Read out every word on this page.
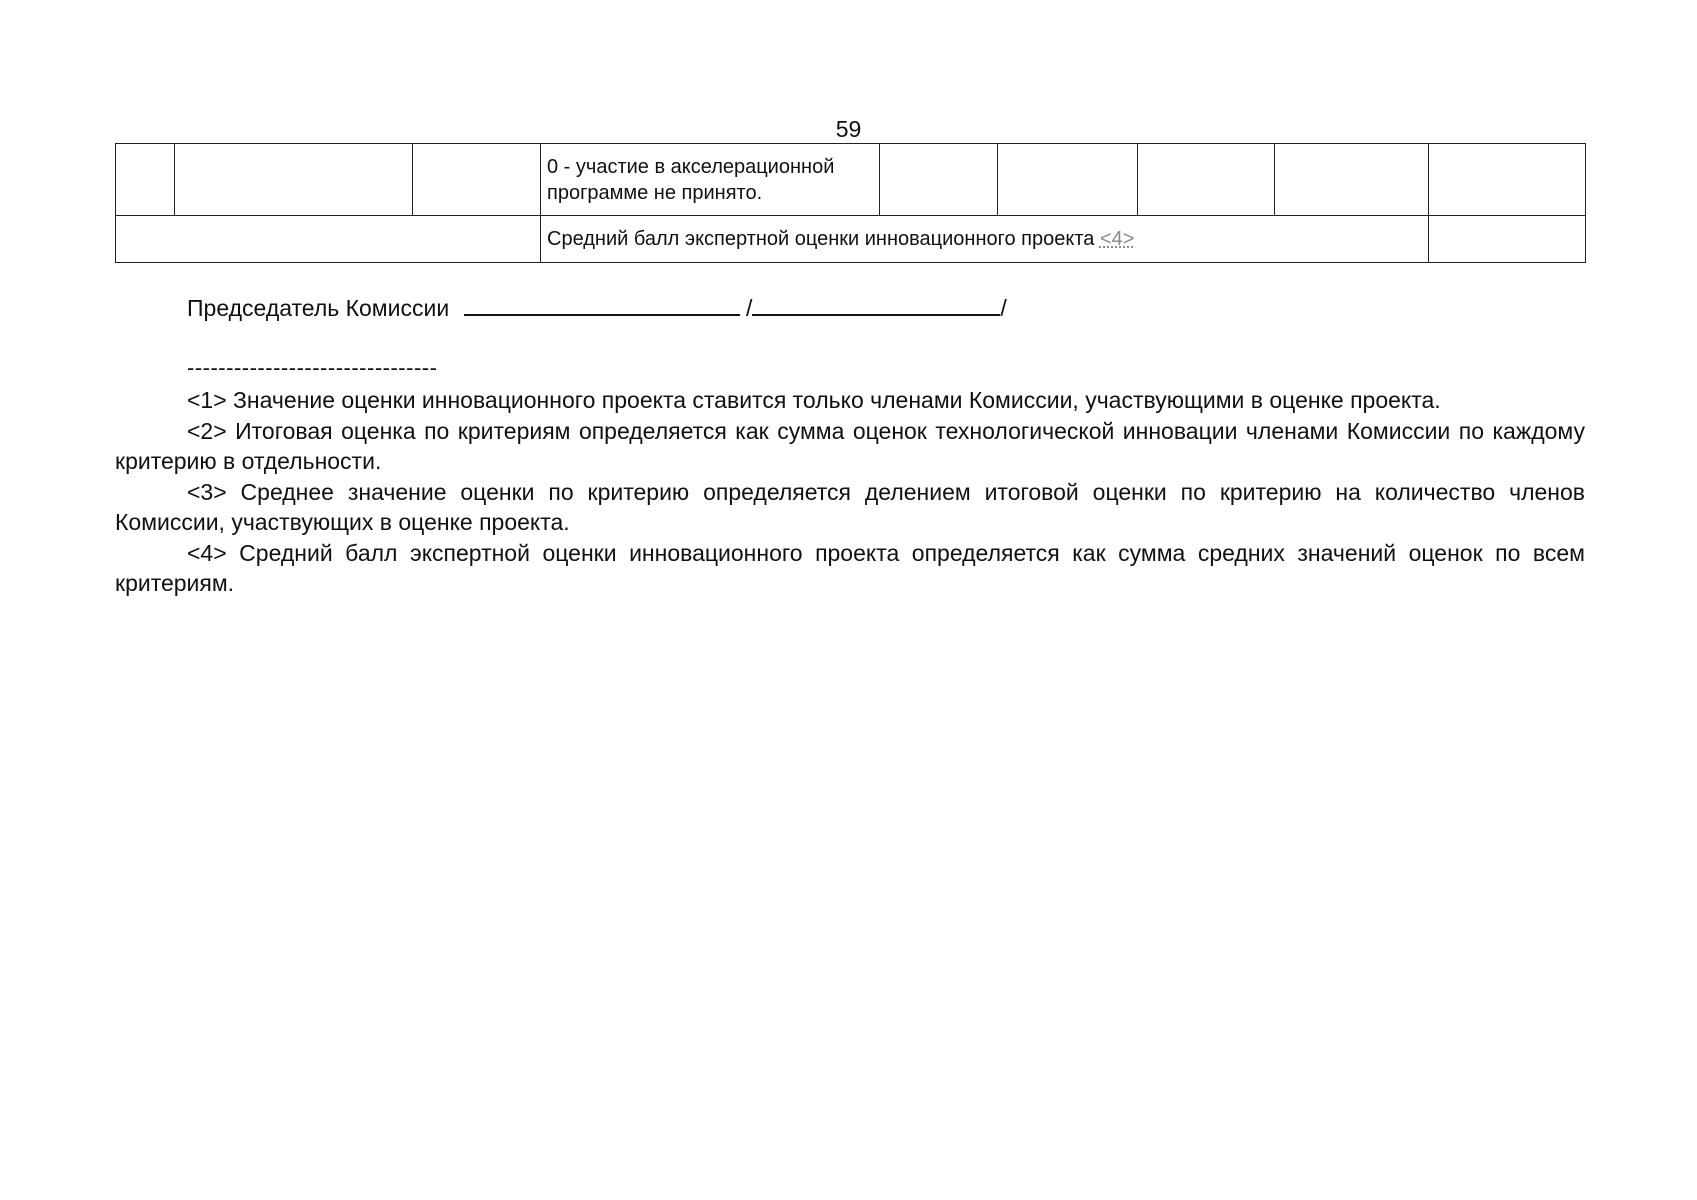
59

			0 - участие в акселерационной программе не принято.					

			Средний балл экспертной оценки инновационного проекта <4>					

Председатель Комиссии	/	/
--------------------------------

<1> Значение оценки инновационного проекта ставится только членами Комиссии, участвующими в оценке проекта.

<2> Итоговая оценка по критериям определяется как сумма оценок технологической инновации членами Комиссии по каждому критерию в отдельности.

<3> Среднее значение оценки по критерию определяется делением итоговой оценки по критерию на количество членов Комиссии, участвующих в оценке проекта.

<4> Средний балл экспертной оценки инновационного проекта определяется как сумма средних значений оценок по всем критериям.
